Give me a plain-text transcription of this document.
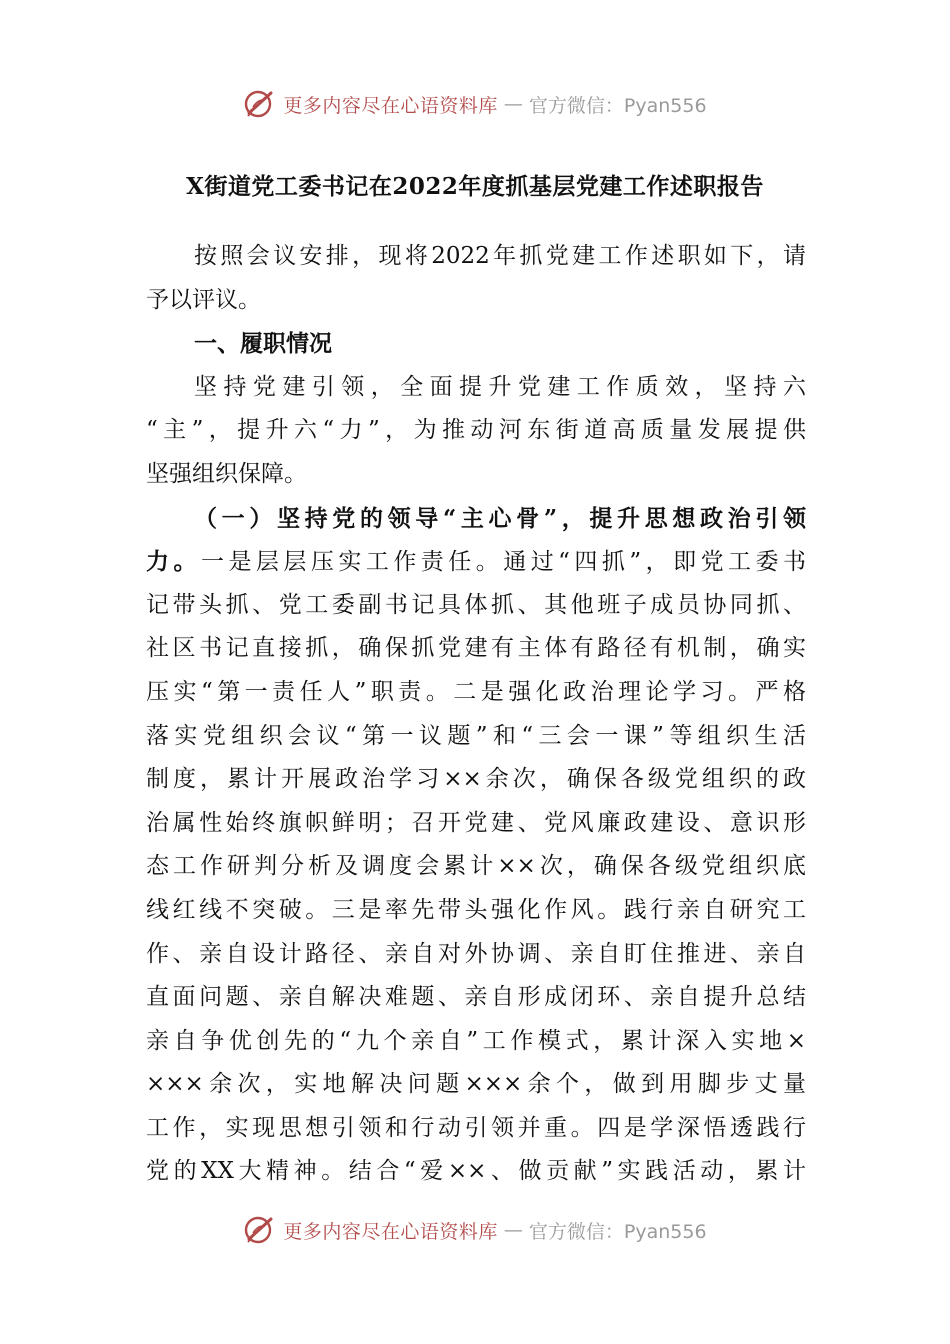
更多内容尽在心语资料库 — 官方微信：Pyan556
X街道党工委书记在2022年度抓基层党建工作述职报告
按照会议安排，现将2022年抓党建工作述职如下，请
予以评议。
一、履职情况
坚持党建引领，全面提升党建工作质效，坚持六
“主”，提升六“力”，为推动河东街道高质量发展提供
坚强组织保障。
（一）坚持党的领导“主心骨”，提升思想政治引领
力。一是层层压实工作责任。通过“四抓”，即党工委书
记带头抓、党工委副书记具体抓、其他班子成员协同抓、
社区书记直接抓，确保抓党建有主体有路径有机制，确实
压实“第一责任人”职责。二是强化政治理论学习。严格
落实党组织会议“第一议题”和“三会一课”等组织生活
制度，累计开展政治学习××余次，确保各级党组织的政
治属性始终旗帜鲜明；召开党建、党风廉政建设、意识形
态工作研判分析及调度会累计××次，确保各级党组织底
线红线不突破。三是率先带头强化作风。践行亲自研究工
作、亲自设计路径、亲自对外协调、亲自盯住推进、亲自
直面问题、亲自解决难题、亲自形成闭环、亲自提升总结
亲自争优创先的“九个亲自”工作模式，累计深入实地×
×××余次，实地解决问题×××余个，做到用脚步丈量
工作，实现思想引领和行动引领并重。四是学深悟透践行
党的XX大精神。结合“爱××、做贡献”实践活动，累计
更多内容尽在心语资料库 — 官方微信：Pyan556
